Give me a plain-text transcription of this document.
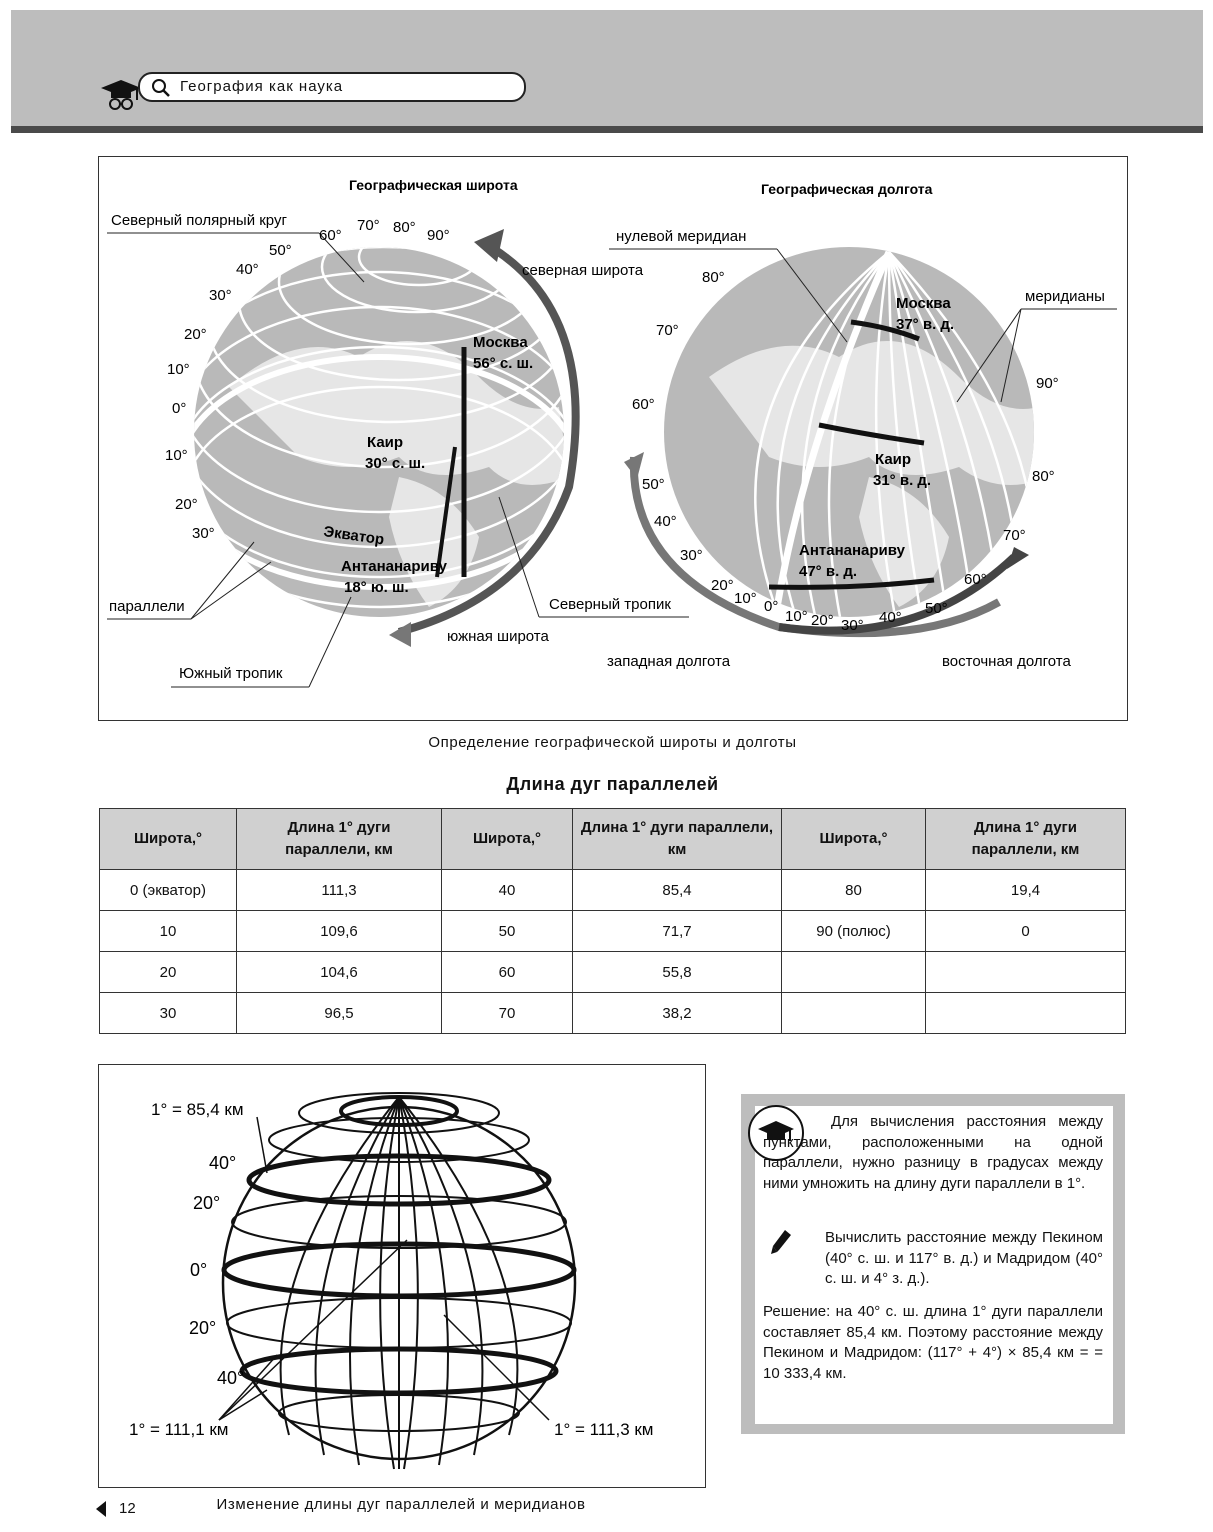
География как наука
Географическая широта
Северный полярный круг
60°
70° 80° 90°
50°
40°
30°
20°
10°
0°
10°
20°
30°
северная широта
южная широта
Москва
56° с. ш.
Каир
30° с. ш.
Экватор
Антананариву
18° ю. ш.
параллели
Южный тропик
Северный тропик
Географическая долгота
нулевой меридиан
меридианы
Москва
37° в. д.
Каир
31° в. д.
Антананариву
47° в. д.
80°
70°
60°
50°
40°
30°
20°
10° 0°
10° 20° 30° 40°
50°
60°
70°
80°
90°
западная долгота	восточная долгота
Определение географической широты и долготы
Длина дуг параллелей
Широта,°	Длина 1° дуги параллели, км	Широта,°	Длина 1° дуги параллели, км	Широта,°	Длина 1° дуги параллели, км
0 (экватор)	111,3	40	85,4	80	19,4
10	109,6	50	71,7	90 (полюс)	0
20	104,6	60	55,8		
30	96,5	70	38,2		
1° = 85,4 км
40°
20°
0°
20°
40°
1° = 111,1 км	1° = 111,3 км
Изменение длины дуг параллелей и меридианов

Для вычисления расстояния между пунктами, расположенными на одной параллели, нужно разницу в градусах между ними умножить на длину дуги параллели в 1°.

Вычислить расстояние между Пекином (40° с. ш. и 117° в. д.) и Мадридом (40° с. ш. и 4° з. д.).

Решение: на 40° с. ш. длина 1° дуги параллели составляет 85,4 км. Поэтому расстояние между Пекином и Мадридом: (117° + 4°) × 85,4 км = = 10 333,4 км.

12
